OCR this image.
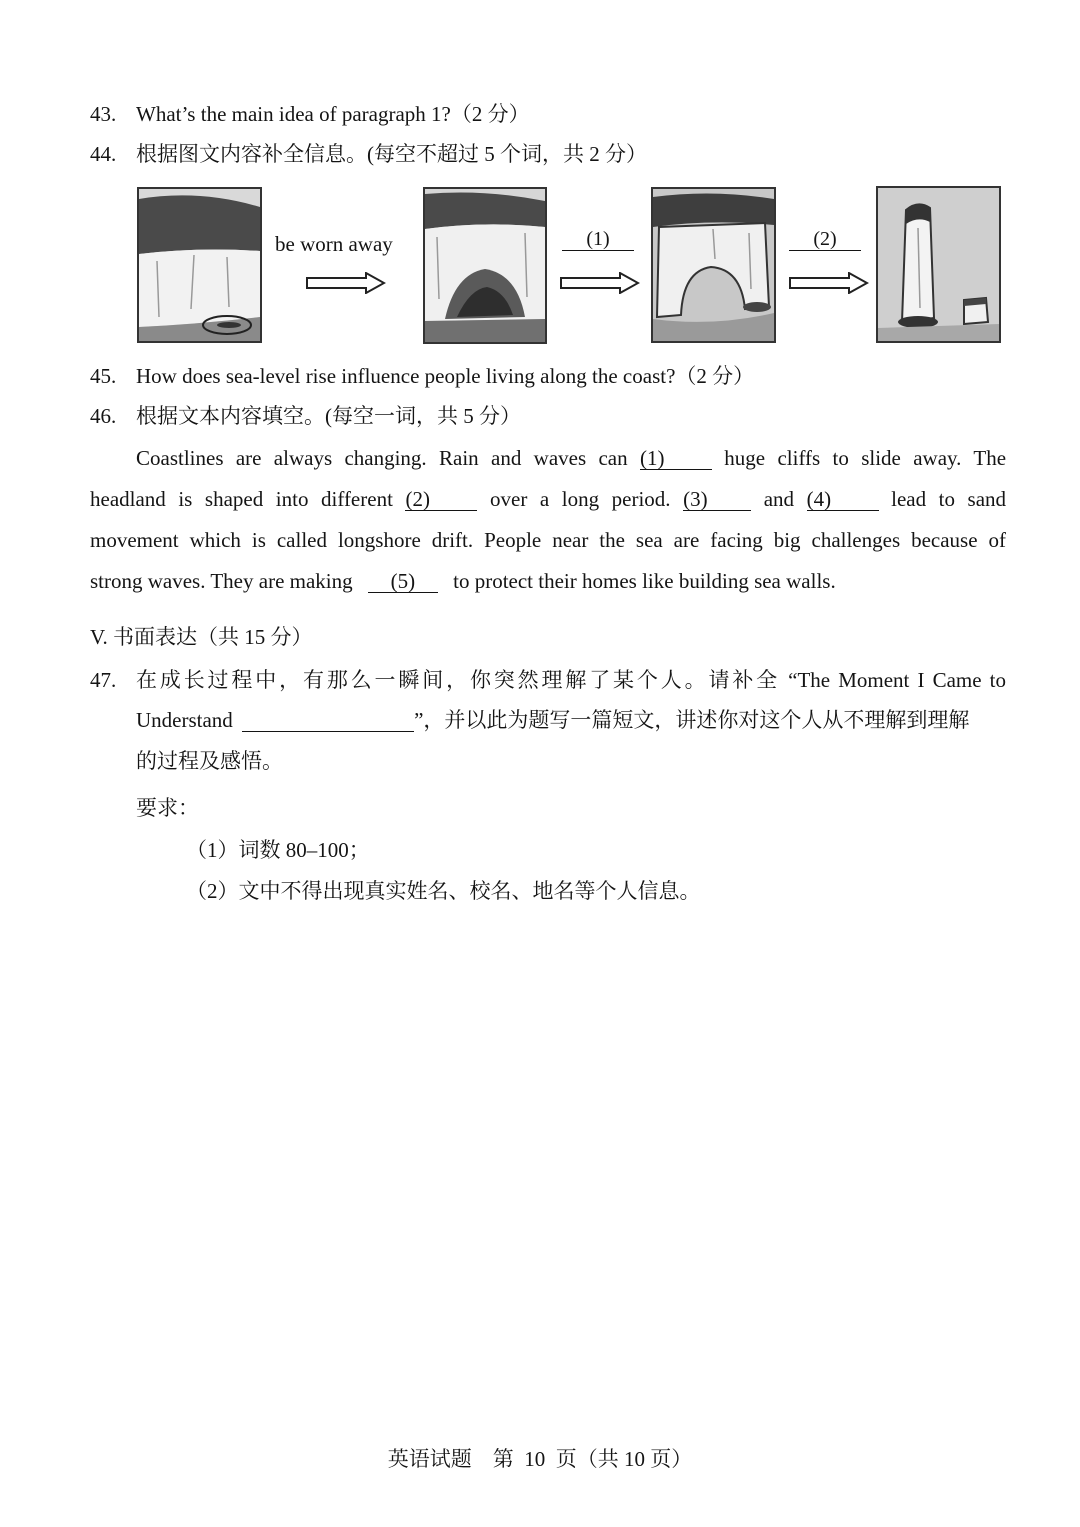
43. What’s the main idea of paragraph 1?（2 分）
44. 根据图文内容补全信息。(每空不超过 5 个词，共 2 分）
be worn away	(1)	(2)
45. How does sea-level rise influence people living along the coast?（2 分）
46. 根据文本内容填空。(每空一词，共 5 分）
Coastlines are always changing. Rain and waves can (1)	huge cliffs to slide away. The
headland is shaped into different (2)	over a long period. (3)	and (4)	lead to sand
movement which is called longshore drift. People near the sea are facing big challenges because of
strong waves. They are making (5) to protect their homes like building sea walls.
V. 书面表达（共 15 分）
47. 在成长过程中，有那么一瞬间，你突然理解了某个人。请补全 “The Moment I Came to
Understand	”，并以此为题写一篇短文，讲述你对这个人从不理解到理解
的过程及感悟。
要求：
（1）词数 80–100；
（2）文中不得出现真实姓名、校名、地名等个人信息。
英语试题    第  10  页（共 10 页）
